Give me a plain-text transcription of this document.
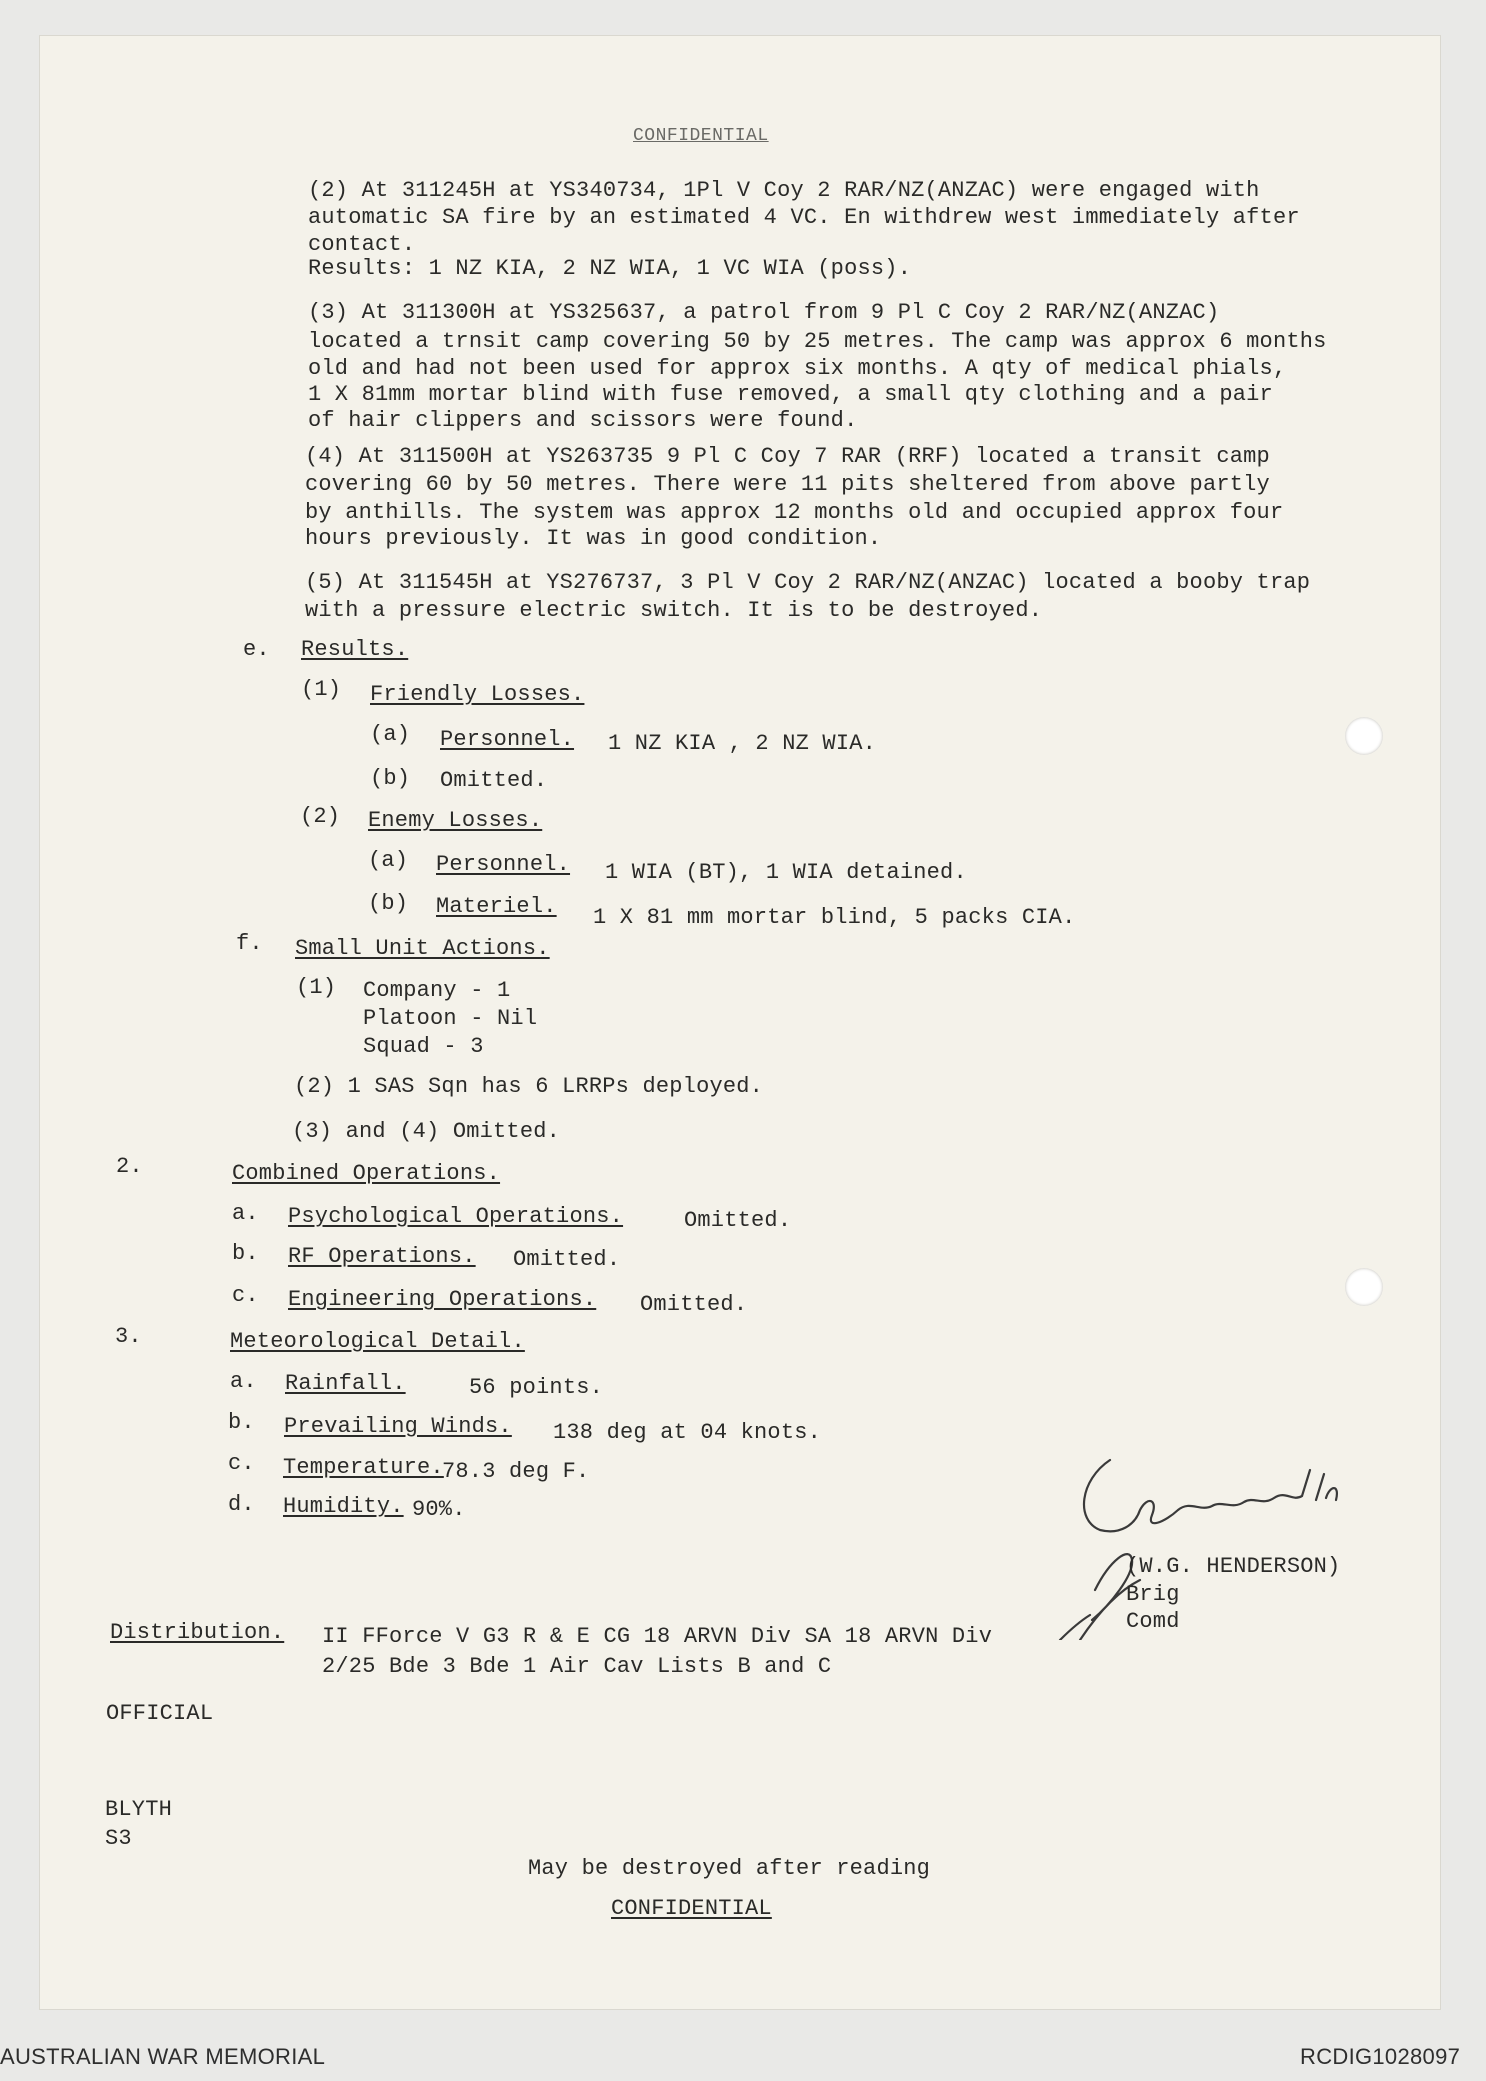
CONFIDENTIAL
(2) At 311245H at YS340734, 1Pl V Coy 2 RAR/NZ(ANZAC) were engaged with
automatic SA fire by an estimated 4 VC. En withdrew west immediately after
contact.
Results: 1 NZ KIA, 2 NZ WIA, 1 VC WIA (poss).
(3) At 311300H at YS325637, a patrol from 9 Pl C Coy 2 RAR/NZ(ANZAC)
located a trnsit camp covering 50 by 25 metres. The camp was approx 6 months
old and had not been used for approx six months. A qty of medical phials,
1 X 81mm mortar blind with fuse removed, a small qty clothing and a pair
of hair clippers and scissors were found.
(4) At 311500H at YS263735 9 Pl C Coy 7 RAR (RRF) located a transit camp
covering 60 by 50 metres. There were 11 pits sheltered from above partly
by anthills. The system was approx 12 months old and occupied approx four
hours previously. It was in good condition.
(5) At 311545H at YS276737, 3 Pl V Coy 2 RAR/NZ(ANZAC) located a booby trap
with a pressure electric switch. It is to be destroyed.
e. Results.
(1) Friendly Losses.
(a) Personnel. 1 NZ KIA , 2 NZ WIA.
(b) Omitted.
(2) Enemy Losses.
(a) Personnel. 1 WIA (BT), 1 WIA detained.
(b) Materiel. 1 X 81 mm mortar blind, 5 packs CIA.
f. Small Unit Actions.
(1) Company - 1
Platoon - Nil
Squad - 3
(2) 1 SAS Sqn has 6 LRRPs deployed.
(3) and (4) Omitted.
2.	Combined Operations.
a. Psychological Operations.	Omitted.
b. RF Operations. Omitted.
c. Engineering Operations. Omitted.
3.	Meteorological Detail.
a. Rainfall.	56 points.
b. Prevailing Winds. 138 deg at 04 knots.
c. Temperature.
78.3 deg F.
d. Humidity. 90%.
(W.G. HENDERSON)
Brig
Comd
Distribution. II FForce V G3 R & E CG 18 ARVN Div SA 18 ARVN Div
2/25 Bde 3 Bde 1 Air Cav Lists B and C
OFFICIAL
BLYTH
S3
May be destroyed after reading
CONFIDENTIAL
AUSTRALIAN WAR MEMORIAL	RCDIG1028097
